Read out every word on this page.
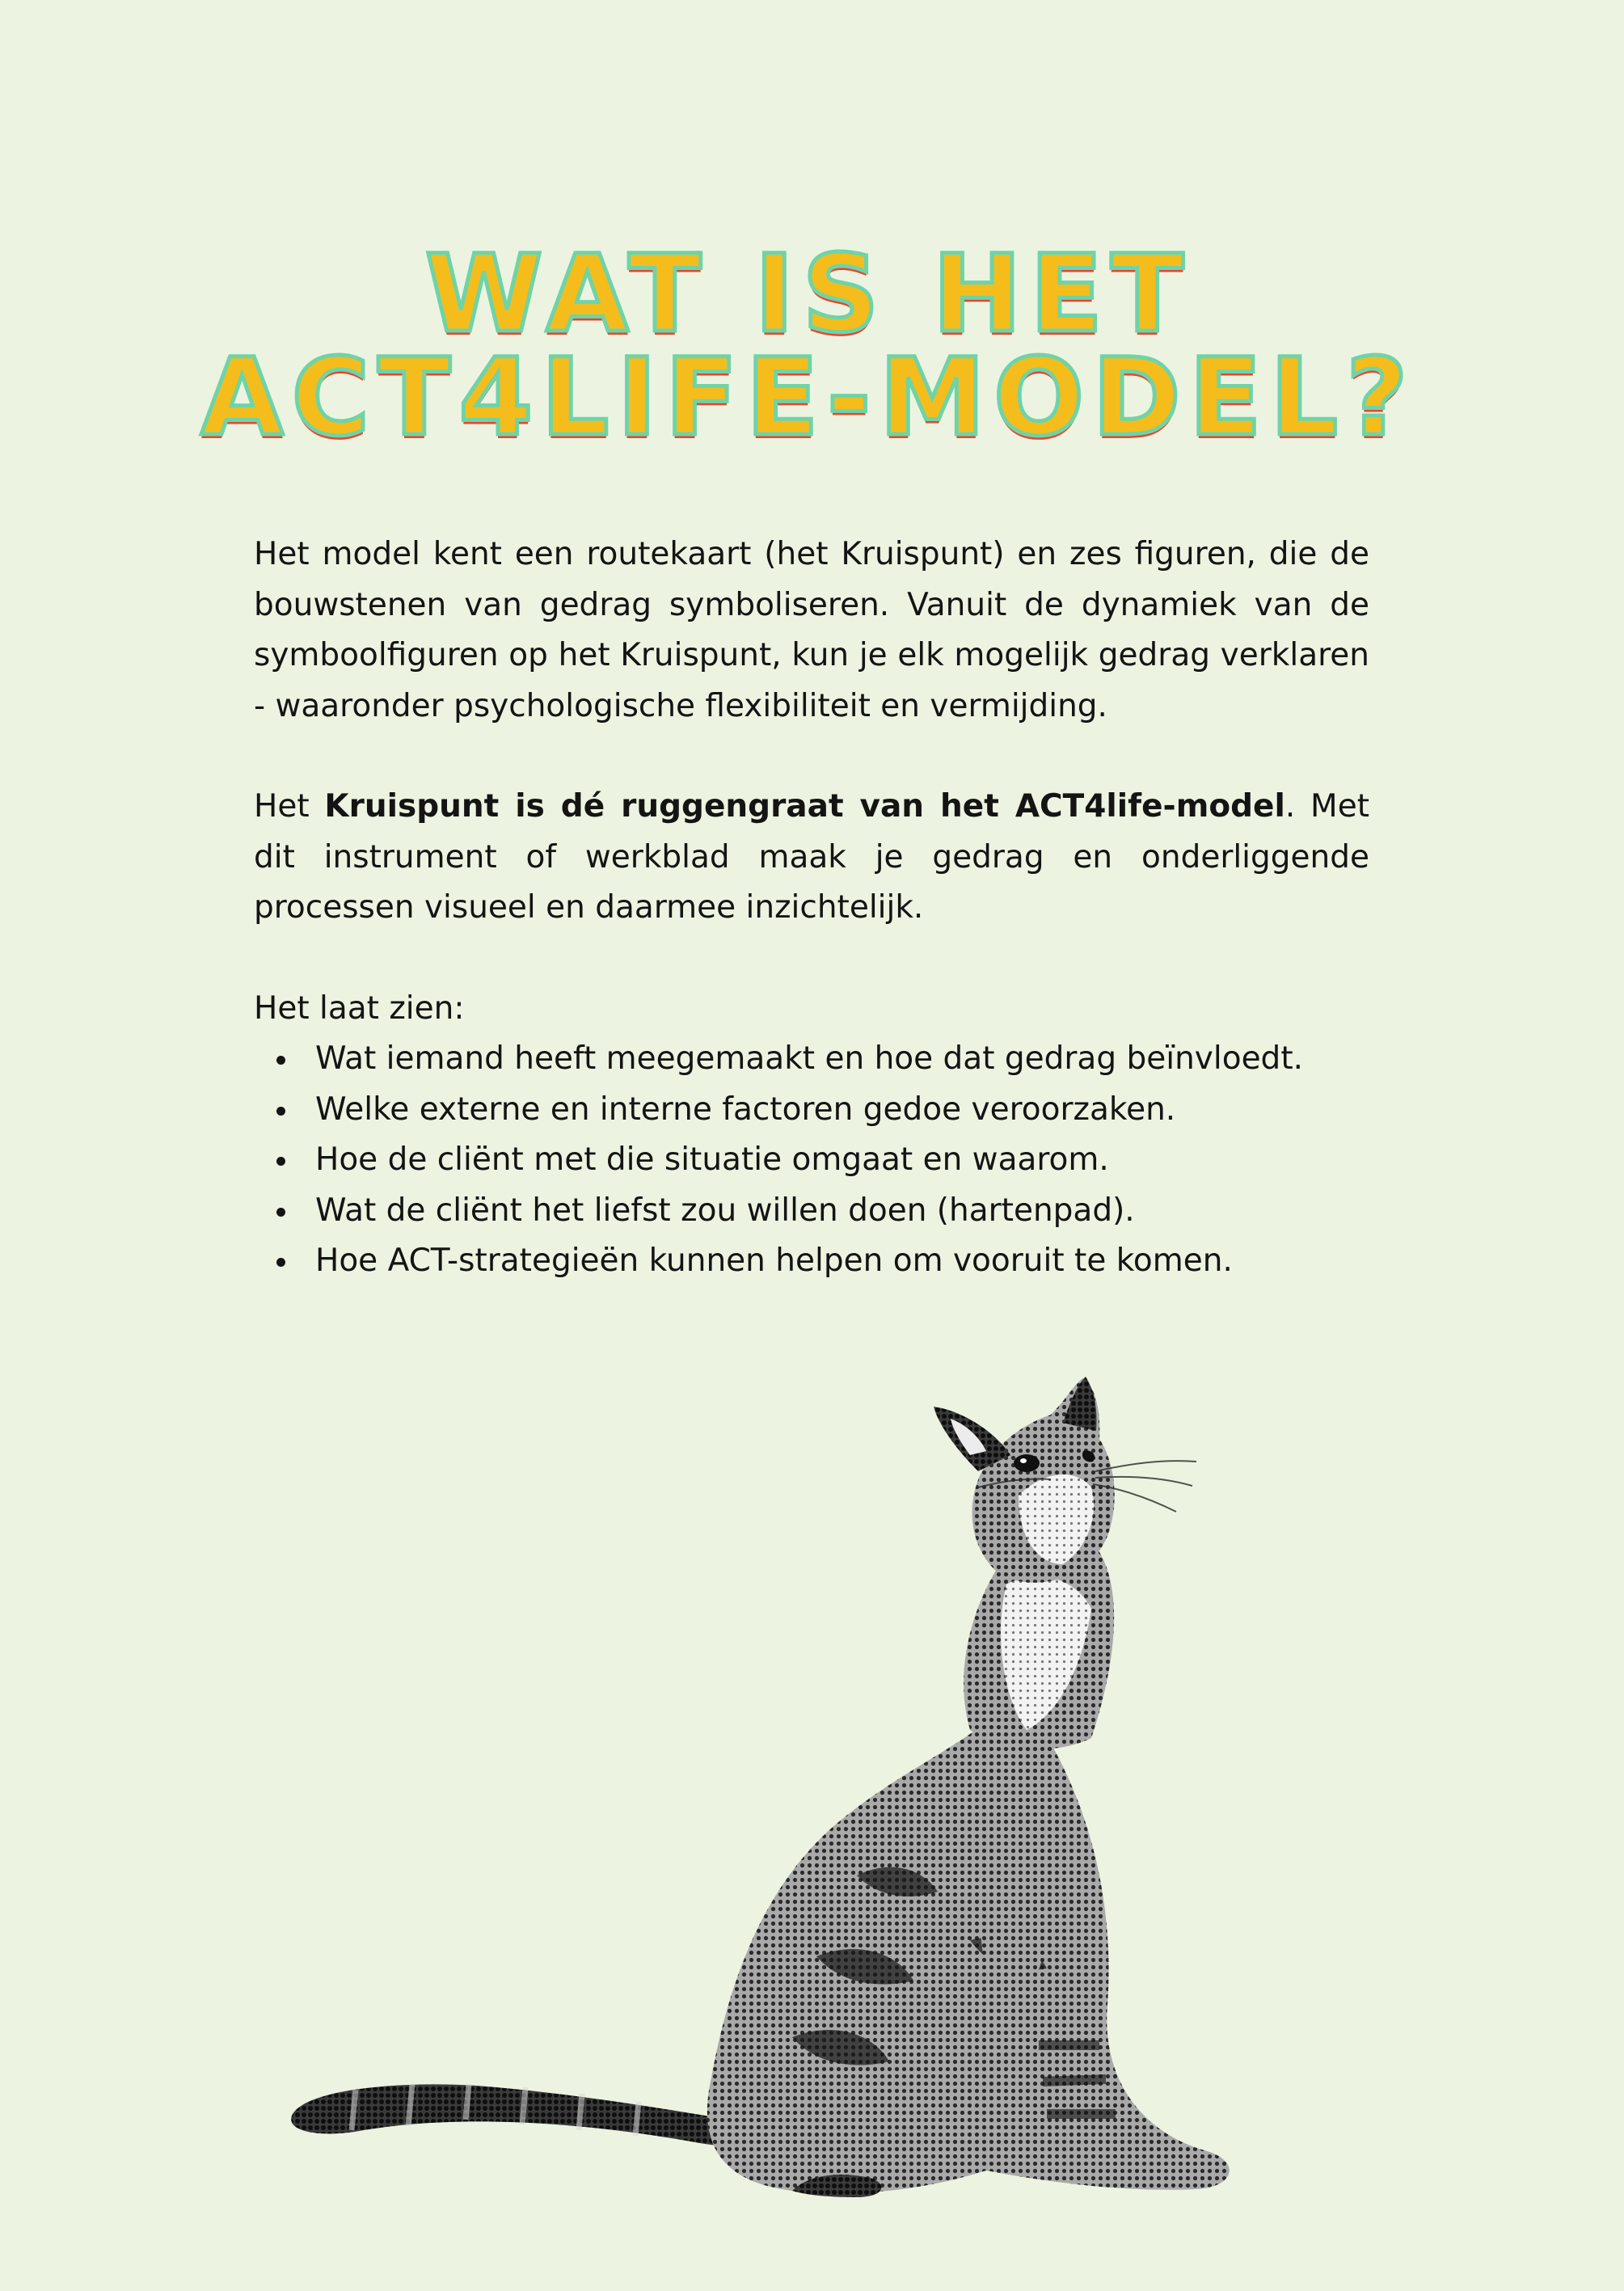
WAT IS HET
ACT4LIFE-MODEL?

Het model kent een routekaart (het Kruispunt) en zes figuren, die de bouwstenen van gedrag symboliseren. Vanuit de dynamiek van de symboolfiguren op het Kruispunt, kun je elk mogelijk gedrag verklaren - waaronder psychologische flexibiliteit en vermijding.

Het Kruispunt is dé ruggengraat van het ACT4life-model. Met dit instrument of werkblad maak je gedrag en onderliggende processen visueel en daarmee inzichtelijk.

Het laat zien:

Wat iemand heeft meegemaakt en hoe dat gedrag beïnvloedt.
Welke externe en interne factoren gedoe veroorzaken.
Hoe de cliënt met die situatie omgaat en waarom.
Wat de cliënt het liefst zou willen doen (hartenpad).
Hoe ACT-strategieën kunnen helpen om vooruit te komen.
